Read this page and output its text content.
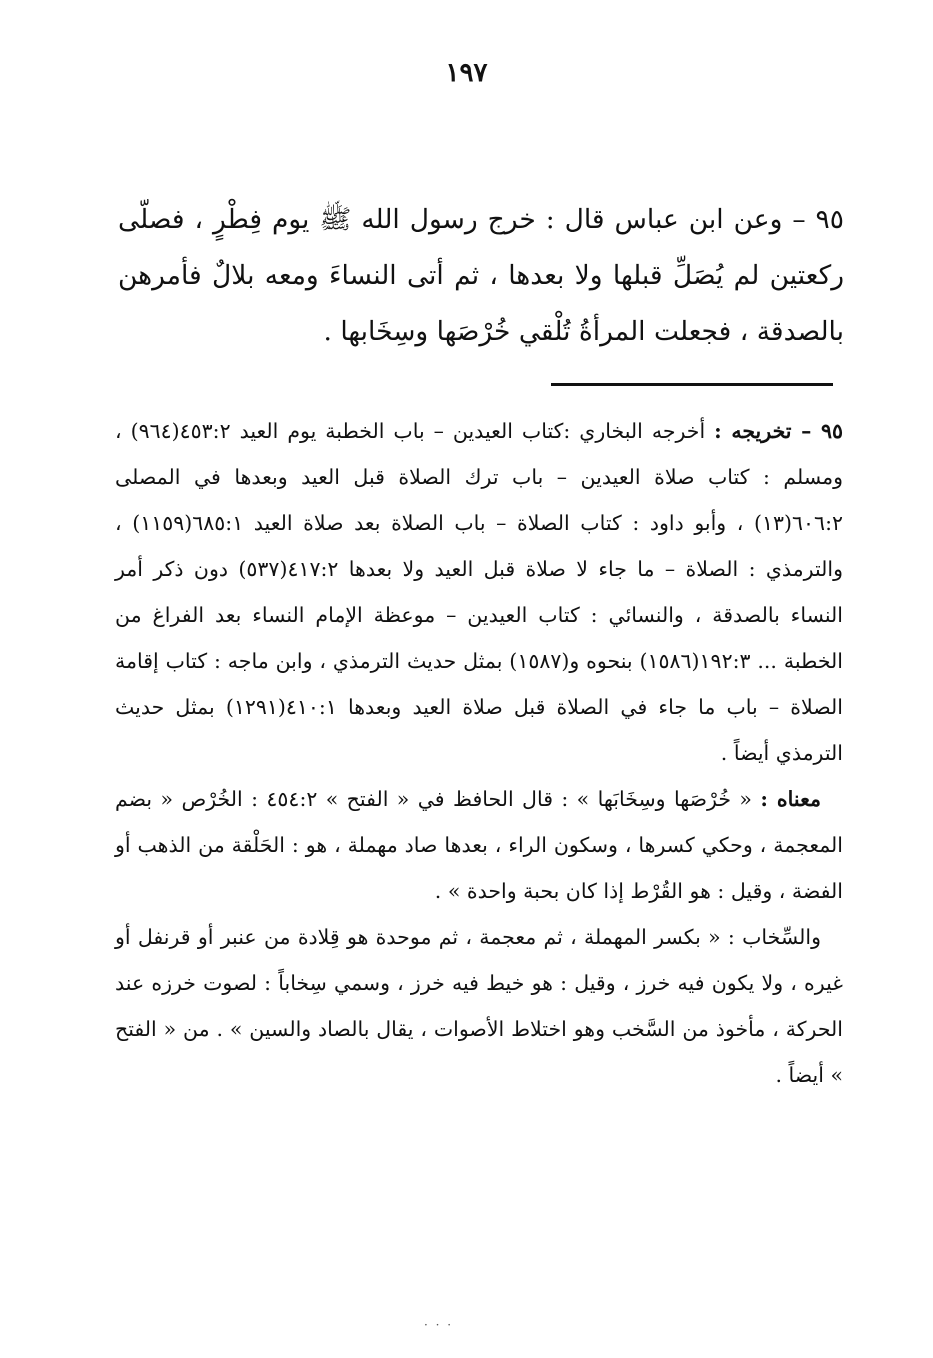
١٩٧
٩٥ – وعن ابن عباس قال : خرج رسول الله ﷺ يوم فِطْرٍ ، فصلّى ركعتين لم يُصَلِّ قبلها ولا بعدها ، ثم أتى النساءَ ومعه بلالٌ فأمرهن بالصدقة ، فجعلت المرأةُ تُلْقي خُرْصَها وسِخَابها .

٩٥ – تخريجه : أخرجه البخاري :كتاب العيدين – باب الخطبة يوم العيد ٤٥٣:٢(٩٦٤) ، ومسلم : كتاب صلاة العيدين – باب ترك الصلاة قبل العيد وبعدها في المصلى ٦٠٦:٢(١٣) ، وأبو داود : كتاب الصلاة – باب الصلاة بعد صلاة العيد ٦٨٥:١(١١٥٩) ، والترمذي : الصلاة – ما جاء لا صلاة قبل العيد ولا بعدها ٤١٧:٢(٥٣٧) دون ذكر أمر النساء بالصدقة ، والنسائي : كتاب العيدين – موعظة الإمام النساء بعد الفراغ من الخطبة ... ١٩٢:٣(١٥٨٦) بنحوه و(١٥٨٧) بمثل حديث الترمذي ، وابن ماجه : كتاب إقامة الصلاة – باب ما جاء في الصلاة قبل صلاة العيد وبعدها ٤١٠:١(١٢٩١) بمثل حديث الترمذي أيضاً .

معناه : « خُرْصَها وسِخَابَها » : قال الحافظ في « الفتح » ٤٥٤:٢ : الخُرْص « بضم المعجمة ، وحكي كسرها ، وسكون الراء ، بعدها صاد مهملة ، هو : الحَلْقة من الذهب أو الفضة ، وقيل : هو القُرْط إذا كان بحبة واحدة » .

والسِّخاب : « بكسر المهملة ، ثم معجمة ، ثم موحدة هو قِلادة من عنبر أو قرنفل أو غيره ، ولا يكون فيه خرز ، وقيل : هو خيط فيه خرز ، وسمي سِخاباً : لصوت خرزه عند الحركة ، مأخوذ من السَّخب وهو اختلاط الأصوات ، يقال بالصاد والسين » . من « الفتح » أيضاً .

· · ·
